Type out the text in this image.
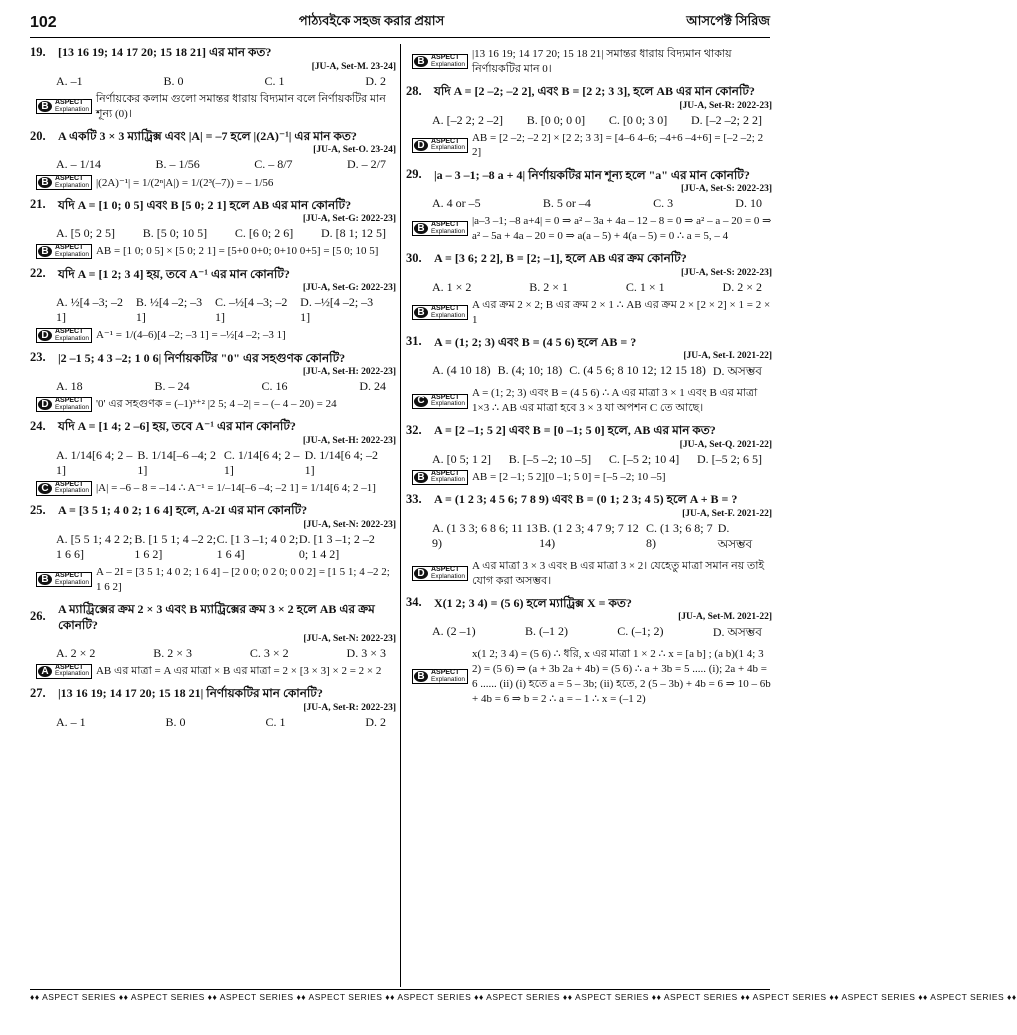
102	পাঠ্যবইকে সহজ করার প্রয়াস	আসপেক্ট সিরিজ
19.	[13 16 19; 14 17 20; 15 18 21] এর মান কত?
[JU-A, Set-M. 23-24]
A. –1	B. 0	C. 1	D. 2
B ASPECT
Explanation
নির্ণায়কের কলাম গুলো সমান্তর ধারায় বিদ্যমান বলে নির্ণায়কটির মান শূন্য (0)।
20.	A একটি 3 × 3 ম্যাট্রিক্স এবং |A| = –7 হলে |(2A)⁻¹| এর মান কত?
[JU-A, Set-O. 23-24]
A. – 1/14	B. – 1/56	C. – 8/7	D. – 2/7
B ASPECT
Explanation |(2A)⁻¹| = 1/(2ⁿ|A|) = 1/(2³(–7)) = – 1/56
21.	যদি A = [1 0; 0 5] এবং B [5 0; 2 1] হলে AB এর মান কোনটি?
[JU-A, Set-G: 2022-23]
A. [5 0; 2 5] B. [5 0; 10 5] C. [6 0; 2 6] D. [8 1; 12 5]
B ASPECT
Explanation AB = [1 0; 0 5] × [5 0; 2 1] = [5+0 0+0; 0+10 0+5] = [5 0; 10 5]
22.	যদি A = [1 2; 3 4] হয়, তবে A⁻¹ এর মান কোনটি?
[JU-A, Set-G: 2022-23]
A. ½[4 –3; –2 1]
B. ½[4 –2; –3 1]
C. –½[4 –3; –2 1]
D. –½[4 –2; –3 1]
D ASPECT
Explanation A⁻¹ = 1/(4–6)[4 –2; –3 1] = –½[4 –2; –3 1]
23.	|2 –1 5; 4 3 –2; 1 0 6| নির্ণায়কটির "0" এর সহগুণক কোনটি?
[JU-A, Set-H: 2022-23]
A. 18	B. – 24	C. 16	D. 24
D ASPECT
Explanation '0' এর সহগুণক = (–1)³⁺² |2 5; 4 –2| = – (– 4 – 20) = 24
24.	যদি A = [1 4; 2 –6] হয়, তবে A⁻¹ এর মান কোনটি?
[JU-A, Set-H: 2022-23]
A. 1/14[6 4; 2 –1]
B. 1/14[–6 –4; 2 1]
C. 1/14[6 4; 2 –1]
D. 1/14[6 4; –2 1]
C ASPECT
Explanation |A| = –6 – 8 = –14 ∴ A⁻¹ = 1/–14[–6 –4; –2 1] = 1/14[6 4; 2 –1]
25.	A = [3 5 1; 4 0 2; 1 6 4] হলে, A-2I এর মান কোনটি?
[JU-A, Set-N: 2022-23]
A. [5 5 1; 4 2 2; 1 6 6]
B. [1 5 1; 4 –2 2; 1 6 2]
C. [1 3 –1; 4 0 2; 1 6 4]
D. [1 3 –1; 2 –2 0; 1 4 2]
B ASPECT
Explanation
A – 2I = [3 5 1; 4 0 2; 1 6 4] – [2 0 0; 0 2 0; 0 0 2] = [1 5 1; 4 –2 2; 1 6 2]
26.
A ম্যাট্রিক্সের ক্রম 2 × 3 এবং B ম্যাট্রিক্সের ক্রম 3 × 2 হলে AB এর ক্রম কোনটি?
[JU-A, Set-N: 2022-23]
A. 2 × 2	B. 2 × 3	C. 3 × 2	D. 3 × 3
A ASPECT
Explanation AB এর মাত্রা = A এর মাত্রা × B এর মাত্রা = 2 × [3 × 3] × 2 = 2 × 2
27.	|13 16 19; 14 17 20; 15 18 21| নির্ণায়কটির মান কোনটি?
[JU-A, Set-R: 2022-23]
A. – 1	B. 0	C. 1	D. 2
B ASPECT
Explanation
|13 16 19; 14 17 20; 15 18 21| সমান্তর ধারায় বিদ্যমান থাকায় নির্ণায়কটির মান 0।
28.	যদি A = [2 –2; –2 2], এবং B = [2 2; 3 3], হলে AB এর মান কোনটি?
[JU-A, Set-R: 2022-23]
A. [–2 2; 2 –2] B. [0 0; 0 0] C. [0 0; 3 0] D. [–2 –2; 2 2]
D ASPECT
Explanation
AB = [2 –2; –2 2] × [2 2; 3 3] = [4–6 4–6; –4+6 –4+6] = [–2 –2; 2 2]
29.	|a – 3 –1; –8 a + 4| নির্ণায়কটির মান শূন্য হলে "a" এর মান কোনটি?
[JU-A, Set-S: 2022-23]
A. 4 or –5	B. 5 or –4	C. 3	D. 10
B ASPECT
Explanation
|a–3 –1; –8 a+4| = 0 ⇒ a² – 3a + 4a – 12 – 8 = 0 ⇒ a² – a – 20 = 0 ⇒ a² – 5a + 4a – 20 = 0 ⇒ a(a – 5) + 4(a – 5) = 0 ∴ a = 5, – 4
30.	A = [3 6; 2 2], B = [2; –1], হলে AB এর ক্রম কোনটি?
[JU-A, Set-S: 2022-23]
A. 1 × 2	B. 2 × 1	C. 1 × 1	D. 2 × 2
B ASPECT
Explanation
A এর ক্রম 2 × 2; B এর ক্রম 2 × 1 ∴ AB এর ক্রম 2 × [2 × 2] × 1 = 2 × 1
31.	A = (1; 2; 3) এবং B = (4 5 6) হলে AB = ?
[JU-A, Set-I. 2021-22]
A. (4 10 18) B. (4; 10; 18) C. (4 5 6; 8 10 12; 12 15 18) D. অসম্ভব
C ASPECT
Explanation
A = (1; 2; 3) এবং B = (4 5 6) ∴ A এর মাত্রা 3 × 1 এবং B এর মাত্রা 1×3 ∴ AB এর মাত্রা হবে 3 × 3 যা অপশন C তে আছে।
32.	A = [2 –1; 5 2] এবং B = [0 –1; 5 0] হলে, AB এর মান কত?
[JU-A, Set-Q. 2021-22]
A. [0 5; 1 2] B. [–5 –2; 10 –5] C. [–5 2; 10 4] D. [–5 2; 6 5]
B ASPECT
Explanation AB = [2 –1; 5 2][0 –1; 5 0] = [–5 –2; 10 –5]
33.	A = (1 2 3; 4 5 6; 7 8 9) এবং B = (0 1; 2 3; 4 5) হলে A + B = ?
[JU-A, Set-F. 2021-22]
A. (1 3 3; 6 8 6; 11 13 9)
B. (1 2 3; 4 7 9; 7 12 14)
C. (1 3; 6 8; 7 8)
D. অসম্ভব
D ASPECT
Explanation
A এর মাত্রা 3 × 3 এবং B এর মাত্রা 3 × 2। যেহেতু মাত্রা সমান নয় তাই যোগ করা অসম্ভব।
34.	X(1 2; 3 4) = (5 6) হলে ম্যাট্রিক্স X = কত?
[JU-A, Set-M. 2021-22]
A. (2 –1)	B. (–1 2)	C. (–1; 2)	D. অসম্ভব
B ASPECT
Explanation
x(1 2; 3 4) = (5 6) ∴ ধরি, x এর মাত্রা 1 × 2 ∴ x = [a b] ; (a b)(1 4; 3 2) = (5 6) ⇒ (a + 3b 2a + 4b) = (5 6) ∴ a + 3b = 5 ..... (i); 2a + 4b = 6 ...... (ii) (i) হতে a = 5 – 3b; (ii) হতে, 2 (5 – 3b) + 4b = 6 ⇒ 10 – 6b + 4b = 6 ⇒ b = 2 ∴ a = – 1 ∴ x = (–1 2)
♦♦ ASPECT SERIES ♦♦ ASPECT SERIES ♦♦ ASPECT SERIES ♦♦ ASPECT SERIES ♦♦ ASPECT SERIES ♦♦ ASPECT SERIES ♦♦ ASPECT SERIES ♦♦ ASPECT SERIES ♦♦ ASPECT SERIES ♦♦ ASPECT SERIES ♦♦ ASPECT SERIES ♦♦
